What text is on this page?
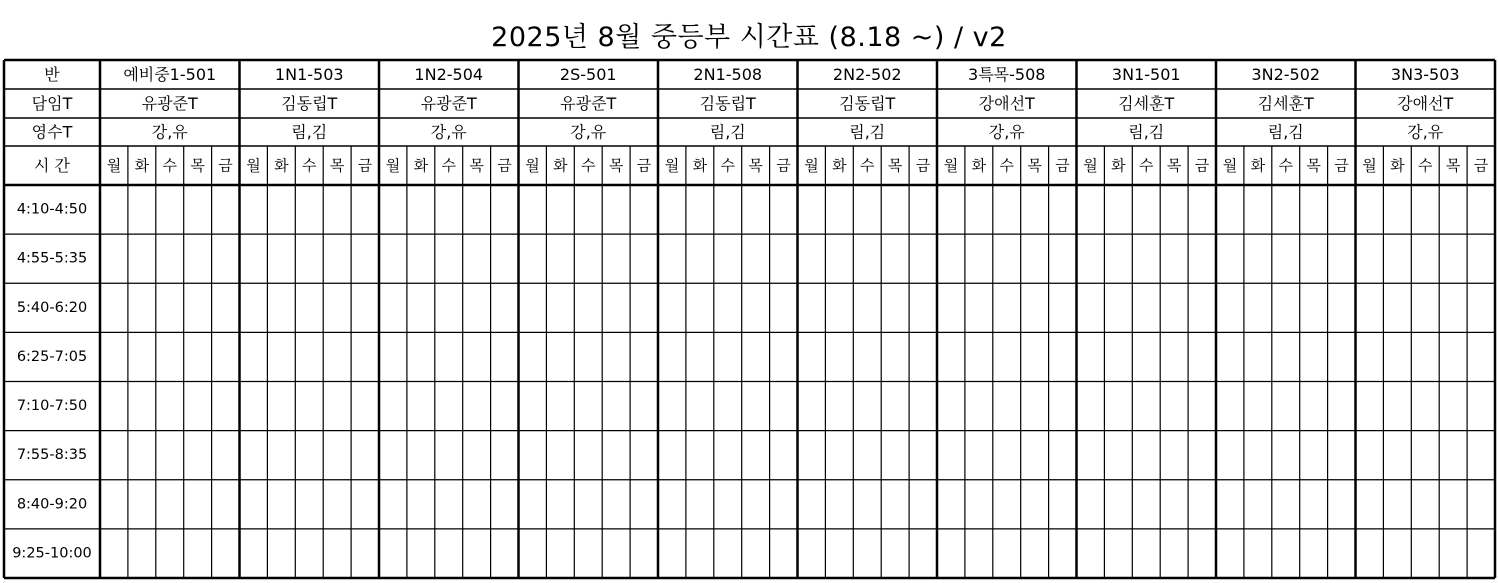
2025년 8월 중등부 시간표 (8.18 ~) / v2
반
담임T
영수T
시 간
예비중1-501
유광준T
강,유
월 화 수 목 금
1N1-503
김동립T
림,김
월 화 수 목 금
1N2-504
유광준T
강,유
월 화 수 목 금
2S-501
유광준T
강,유
월 화 수 목 금
2N1-508
김동립T
림,김
월 화 수 목 금
2N2-502
김동립T
림,김
월 화 수 목 금
3특목-508
강애선T
강,유
월 화 수 목 금
3N1-501
김세훈T
림,김
월 화 수 목 금
3N2-502
김세훈T
림,김
월 화 수 목 금
3N3-503
강애선T
강,유
월 화 수 목 금
4:10-4:50
4:55-5:35
5:40-6:20
6:25-7:05
7:10-7:50
7:55-8:35
8:40-9:20
9:25-10:00
